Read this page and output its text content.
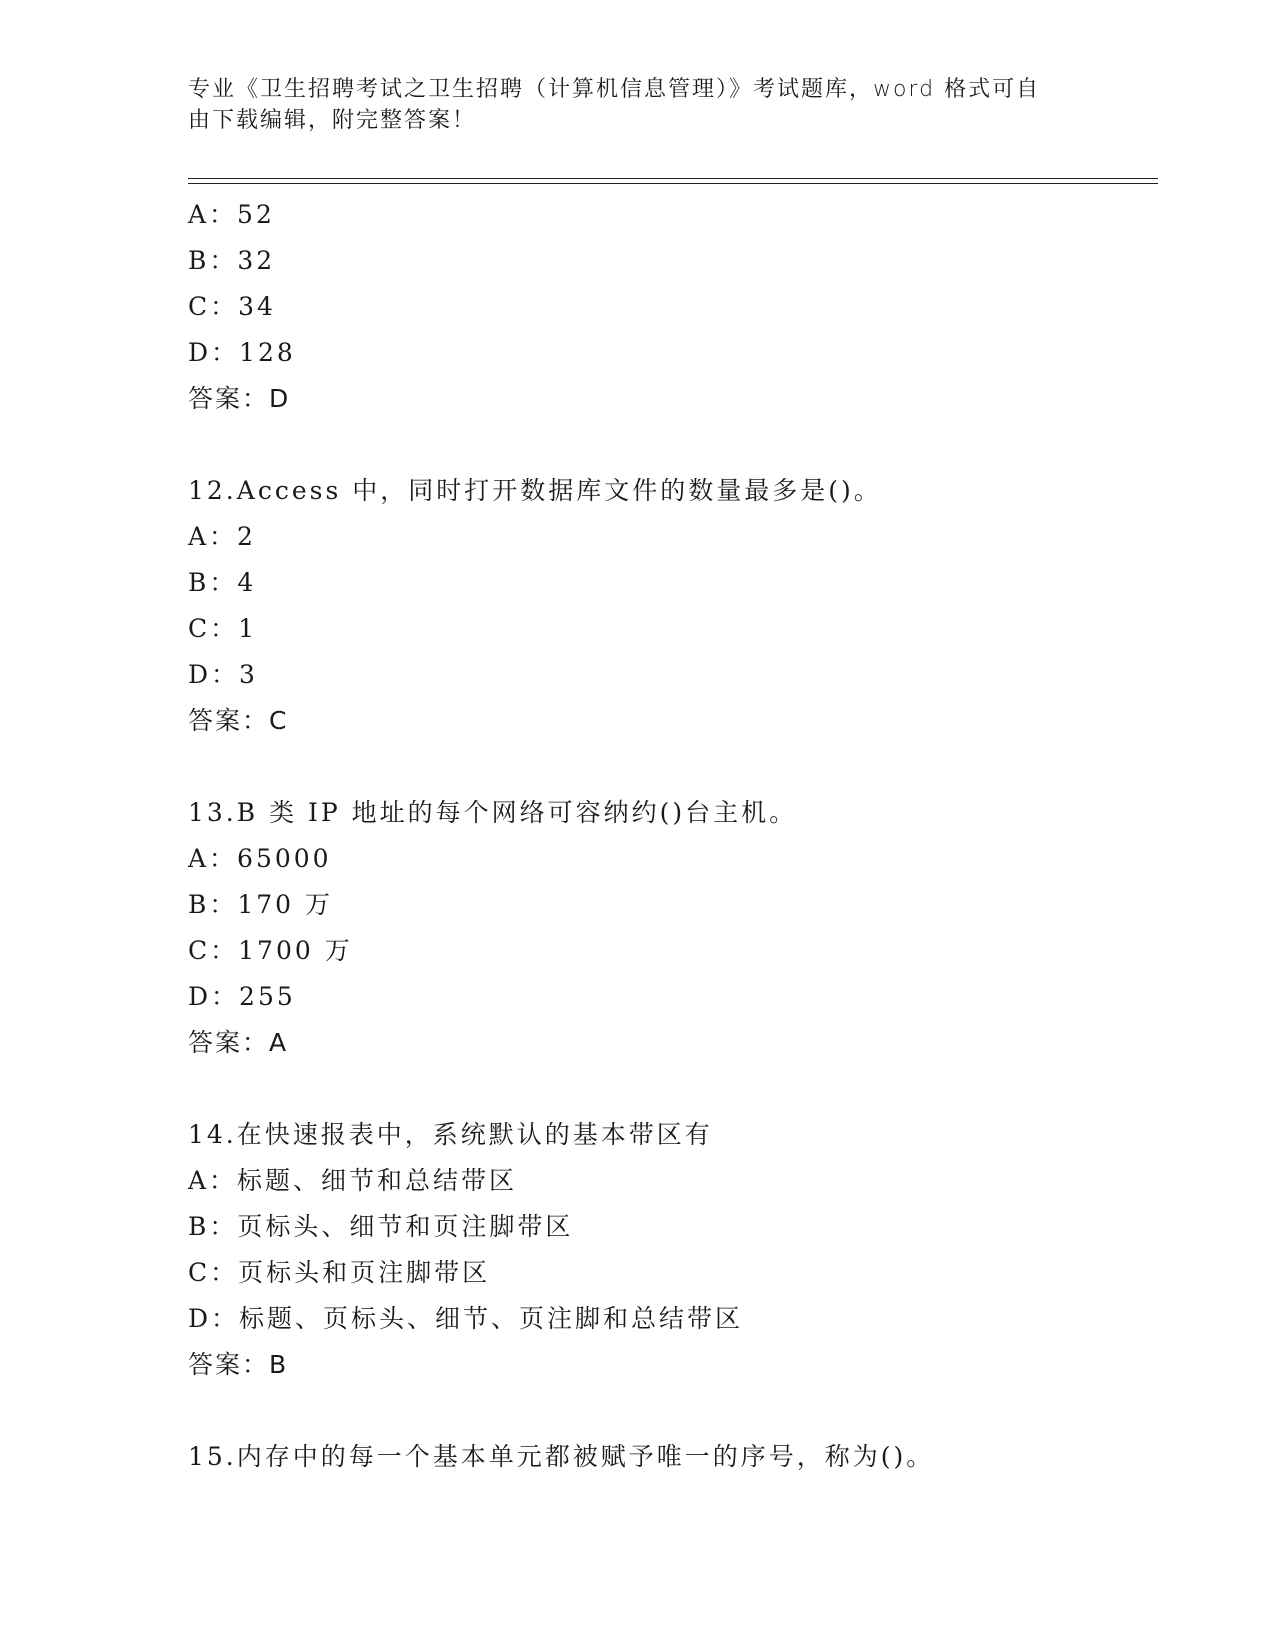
专业《卫生招聘考试之卫生招聘（计算机信息管理）》考试题库，word 格式可自
由下载编辑，附完整答案！
A：52
B：32
C：34
D：128
答案：D
12.Access 中，同时打开数据库文件的数量最多是()。
A：2
B：4
C：1
D：3
答案：C
13.B 类 IP 地址的每个网络可容纳约()台主机。
A：65000
B：170 万
C：1700 万
D：255
答案：A
14.在快速报表中，系统默认的基本带区有
A：标题、细节和总结带区
B：页标头、细节和页注脚带区
C：页标头和页注脚带区
D：标题、页标头、细节、页注脚和总结带区
答案：B
15.内存中的每一个基本单元都被赋予唯一的序号，称为()。
